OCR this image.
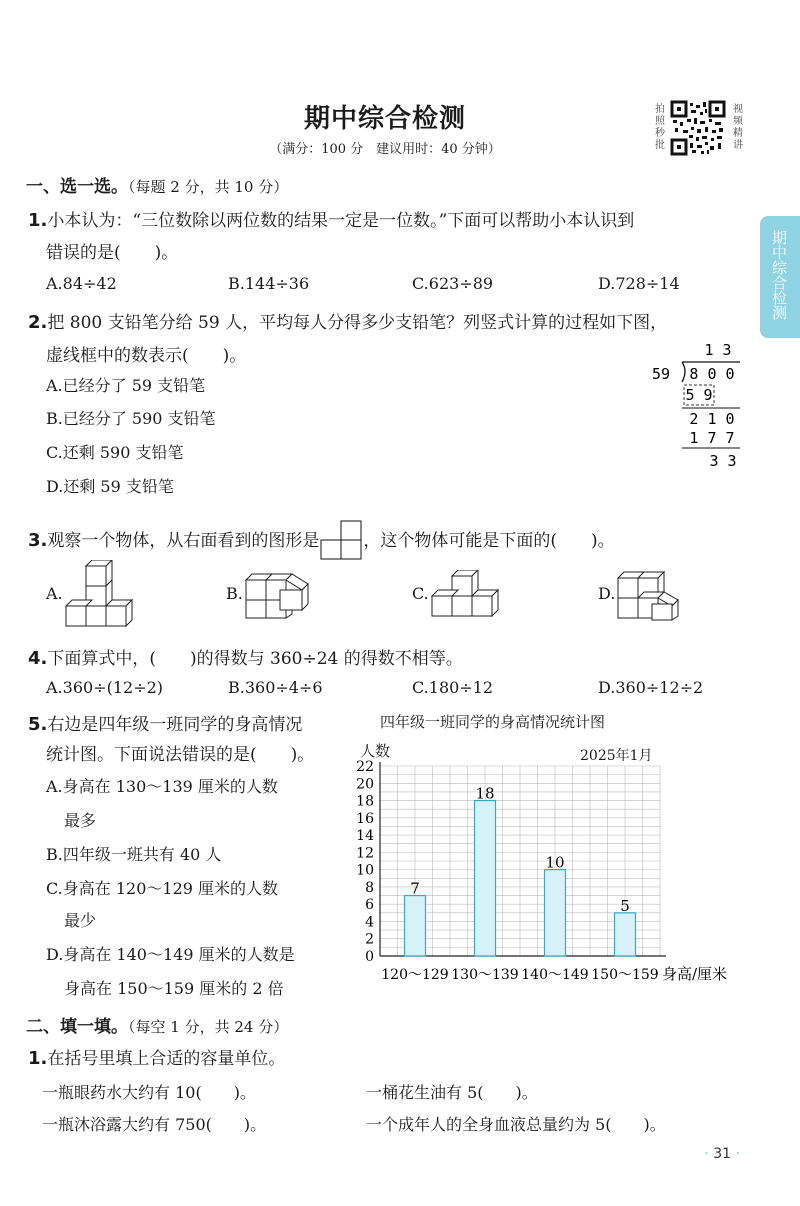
期中综合检测
（满分：100 分　建议用时：40 分钟）
拍
照
秒
批
视
频
精
讲
期中综合检测
一、选一选。（每题 2 分，共 10 分）
1.小本认为：“三位数除以两位数的结果一定是一位数。”下面可以帮助小本认识到
错误的是(　　)。
A.84÷42	B.144÷36	C.623÷89	D.728÷14
2.把 800 支铅笔分给 59 人，平均每人分得多少支铅笔？列竖式计算的过程如下图，
虚线框中的数表示(　　)。
A.已经分了 59 支铅笔
B.已经分了 590 支铅笔
C.还剩 590 支铅笔
D.还剩 59 支铅笔
1 3
59 8 0 0
5 9
2 1 0
1 7 7
3 3
3.观察一个物体，从右面看到的图形是	，这个物体可能是下面的(　　)。
A.	B.	C.	D.
4.下面算式中，(　　)的得数与 360÷24 的得数不相等。
A.360÷(12÷2)	B.360÷4÷6	C.180÷12	D.360÷12÷2
5.右边是四年级一班同学的身高情况
统计图。下面说法错误的是(　　)。
A.身高在 130～139 厘米的人数
最多
B.四年级一班共有 40 人
C.身高在 120～129 厘米的人数
最少
D.身高在 140～149 厘米的人数是
身高在 150～159 厘米的 2 倍
四年级一班同学的身高情况统计图
人数	2025年1月
0
2
4
6
8
10
12
14
16
18
20
22
7
120～129
18
130～139
10
140～149
5
150～159 身高/厘米
二、填一填。（每空 1 分，共 24 分）
1.在括号里填上合适的容量单位。
一瓶眼药水大约有 10(　　)。	一桶花生油有 5(　　)。
一瓶沐浴露大约有 750(　　)。	一个成年人的全身血液总量约为 5(　　)。
· 31 ·
